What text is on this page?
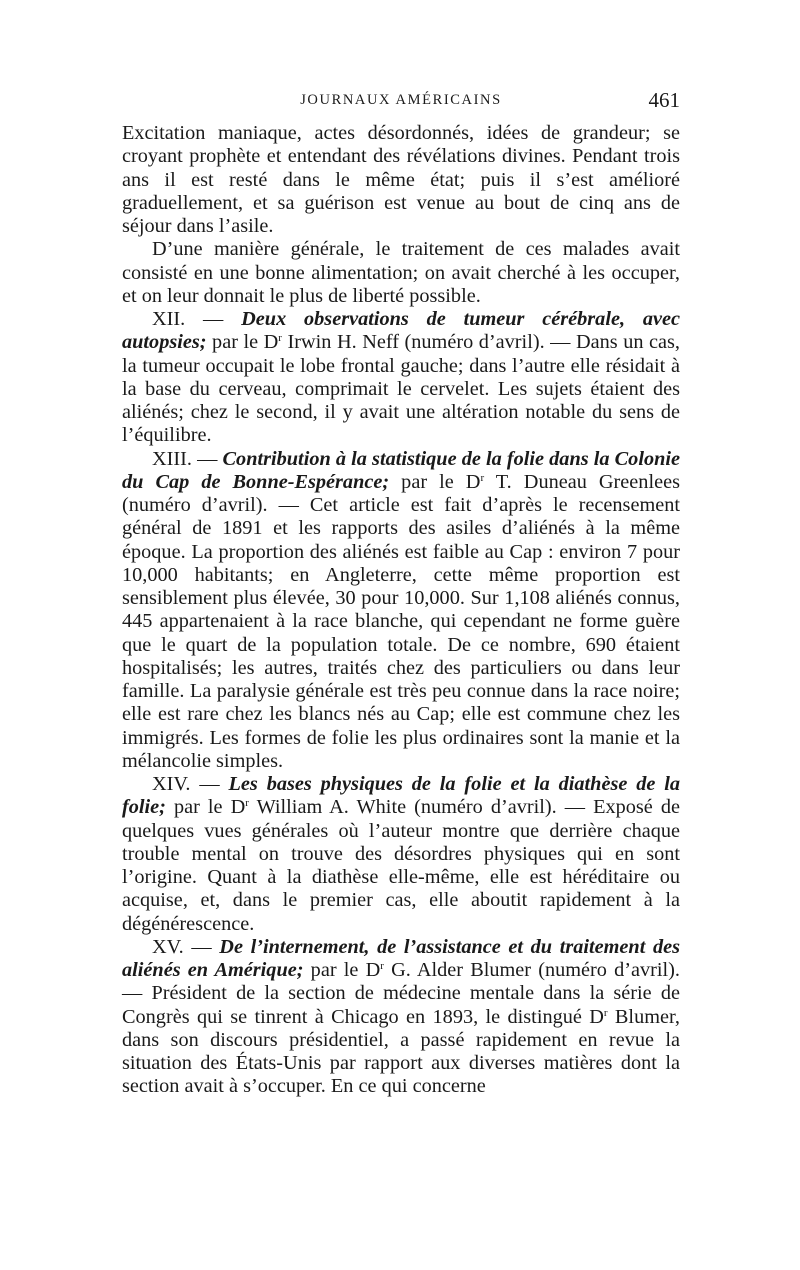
JOURNAUX AMÉRICAINS	461

Excitation maniaque, actes désordonnés, idées de grandeur; se croyant prophète et entendant des révélations divines. Pendant trois ans il est resté dans le même état; puis il s’est amélioré graduellement, et sa guérison est venue au bout de cinq ans de séjour dans l’asile.

D’une manière générale, le traitement de ces malades avait consisté en une bonne alimentation; on avait cherché à les occuper, et on leur donnait le plus de liberté possible.

XII. — Deux observations de tumeur cérébrale, avec autopsies; par le $D^r$ Irwin H. Neff (numéro d’avril). — Dans un cas, la tumeur occupait le lobe frontal gauche; dans l’autre elle résidait à la base du cerveau, comprimait le cervelet. Les sujets étaient des aliénés; chez le second, il y avait une altération notable du sens de l’équilibre.

XIII. — Contribution à la statistique de la folie dans la Colonie du Cap de Bonne-Espérance; par le $D^r$ T. Duneau Greenlees (numéro d’avril). — Cet article est fait d’après le recensement général de 1891 et les rapports des asiles d’aliénés à la même époque. La proportion des aliénés est faible au Cap : environ 7 pour 10,000 habitants; en Angleterre, cette même proportion est sensiblement plus élevée, 30 pour 10,000. Sur 1,108 aliénés connus, 445 appartenaient à la race blanche, qui cependant ne forme guère que le quart de la population totale. De ce nombre, 690 étaient hospitalisés; les autres, traités chez des particuliers ou dans leur famille. La paralysie générale est très peu connue dans la race noire; elle est rare chez les blancs nés au Cap; elle est commune chez les immigrés. Les formes de folie les plus ordinaires sont la manie et la mélancolie simples.

XIV. — Les bases physiques de la folie et la diathèse de la folie; par le $D^r$ William A. White (numéro d’avril). — Exposé de quelques vues générales où l’auteur montre que derrière chaque trouble mental on trouve des désordres physiques qui en sont l’origine. Quant à la diathèse elle-même, elle est héréditaire ou acquise, et, dans le premier cas, elle aboutit rapidement à la dégénérescence.

XV. — De l’internement, de l’assistance et du traitement des aliénés en Amérique; par le $D^r$ G. Alder Blumer (numéro d’avril). — Président de la section de médecine mentale dans la série de Congrès qui se tinrent à Chicago en 1893, le distingué $D^r$ Blumer, dans son discours présidentiel, a passé rapidement en revue la situation des États-Unis par rapport aux diverses matières dont la section avait à s’occuper. En ce qui concerne
